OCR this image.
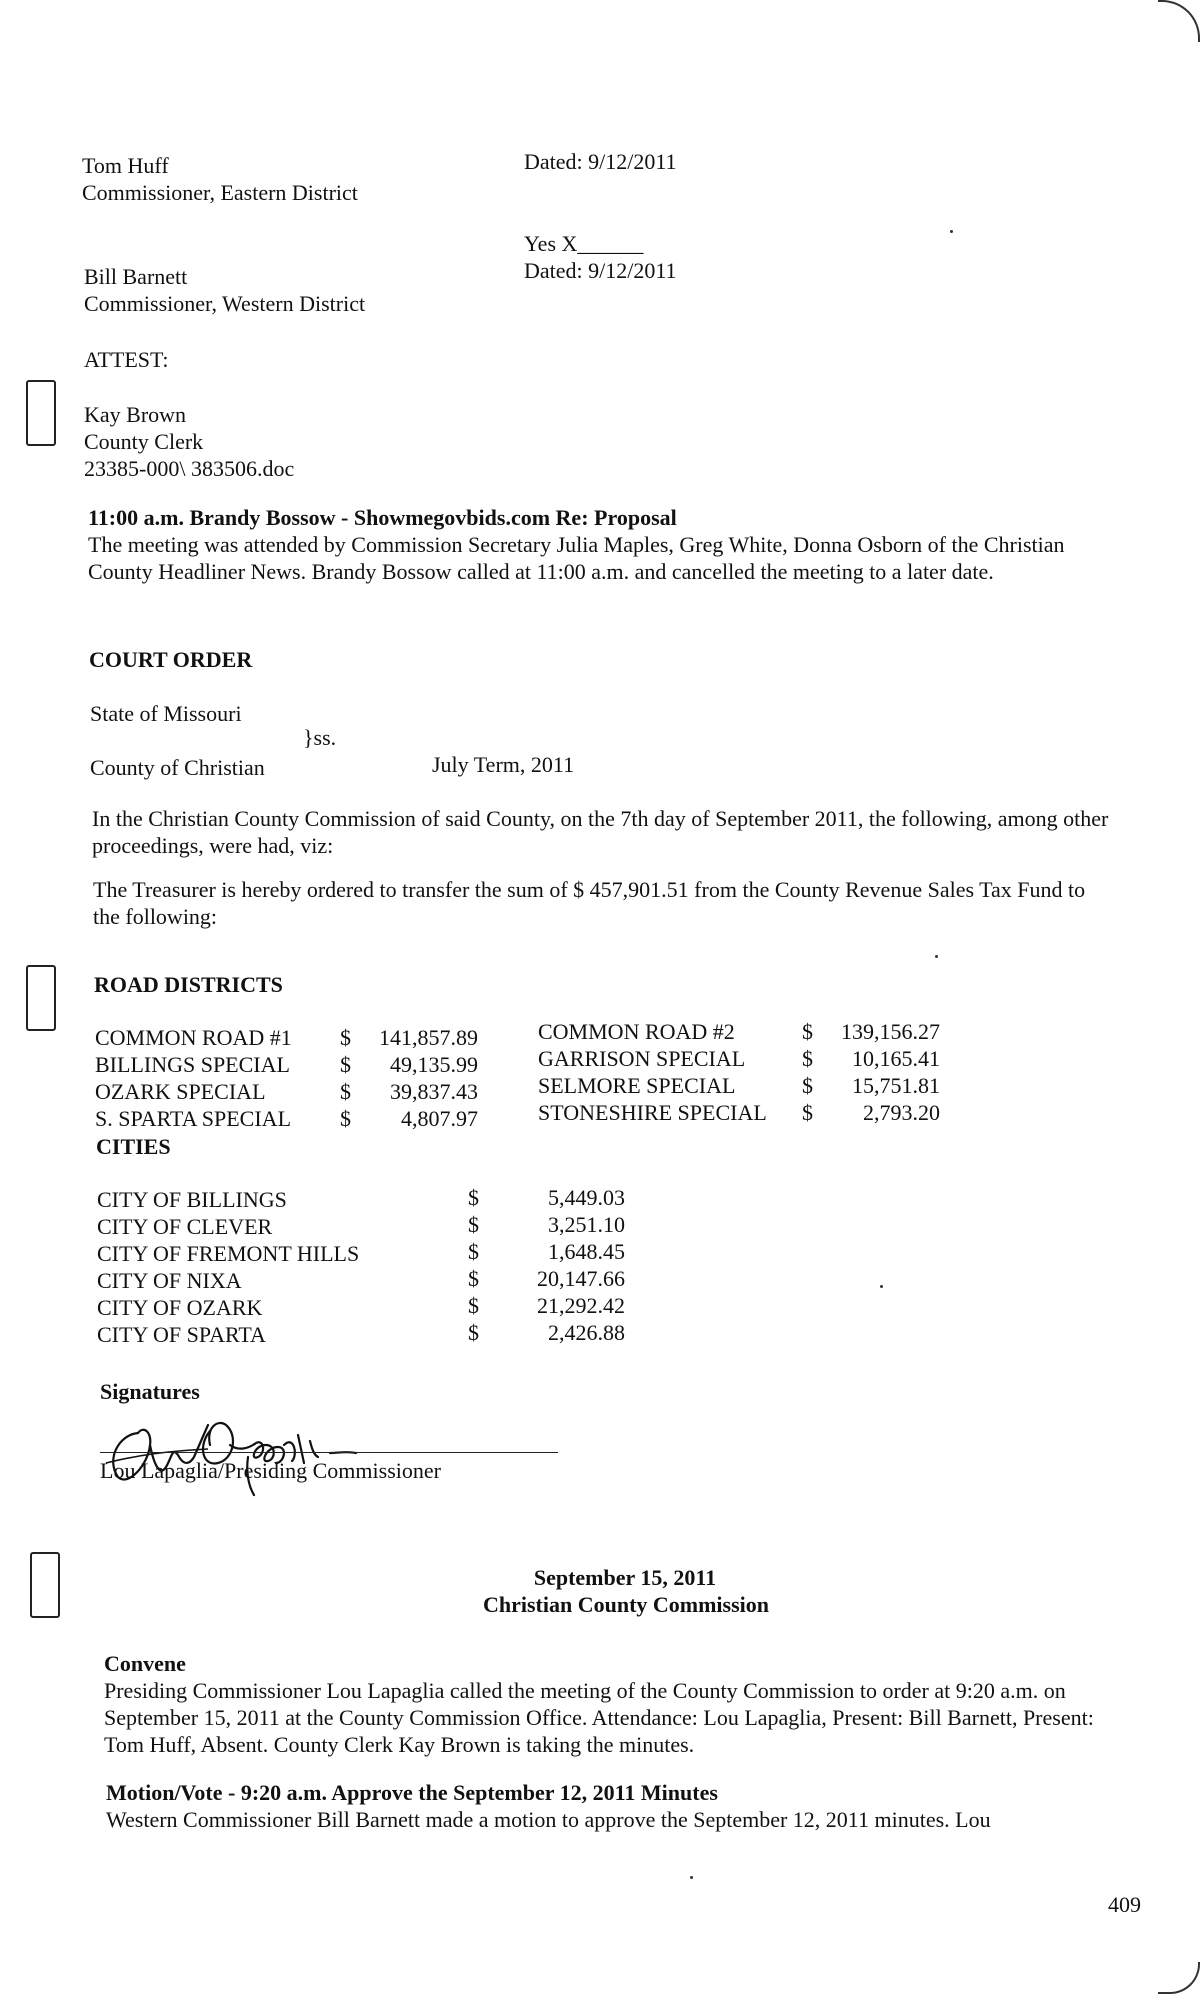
Tom Huff
Commissioner, Eastern District
Dated: 9/12/2011
Yes X______
Dated: 9/12/2011
Bill Barnett
Commissioner, Western District
ATTEST:
Kay Brown
County Clerk
23385-000\ 383506.doc
11:00 a.m. Brandy Bossow - Showmegovbids.com Re: Proposal
The meeting was attended by Commission Secretary Julia Maples, Greg White, Donna Osborn of the Christian County Headliner News. Brandy Bossow called at 11:00 a.m. and cancelled the meeting to a later date.
COURT ORDER
State of Missouri
}ss.
County of Christian	July Term, 2011
In the Christian County Commission of said County, on the 7th day of September 2011, the following, among other proceedings, were had, viz:
The Treasurer is hereby ordered to transfer the sum of $ 457,901.51 from the County Revenue Sales Tax Fund to the following:
ROAD DISTRICTS
COMMON ROAD #1 $	141,857.89
BILLINGS SPECIAL $	49,135.99
OZARK SPECIAL	$	39,837.43
S. SPARTA SPECIAL $	4,807.97
COMMON ROAD #2	$	139,156.27
GARRISON SPECIAL	$	10,165.41
SELMORE SPECIAL	$	15,751.81
STONESHIRE SPECIAL $	2,793.20
CITIES
CITY OF BILLINGS	$	5,449.03
CITY OF CLEVER	$	3,251.10
CITY OF FREMONT HILLS	$	1,648.45
CITY OF NIXA	$	20,147.66
CITY OF OZARK	$	21,292.42
CITY OF SPARTA	$	2,426.88
Signatures
Lou Lapaglia/Presiding Commissioner
September 15, 2011
Christian County Commission
Convene
Presiding Commissioner Lou Lapaglia called the meeting of the County Commission to order at 9:20 a.m. on September 15, 2011 at the County Commission Office. Attendance: Lou Lapaglia, Present: Bill Barnett, Present: Tom Huff, Absent. County Clerk Kay Brown is taking the minutes.
Motion/Vote - 9:20 a.m. Approve the September 12, 2011 Minutes
Western Commissioner Bill Barnett made a motion to approve the September 12, 2011 minutes. Lou
409
